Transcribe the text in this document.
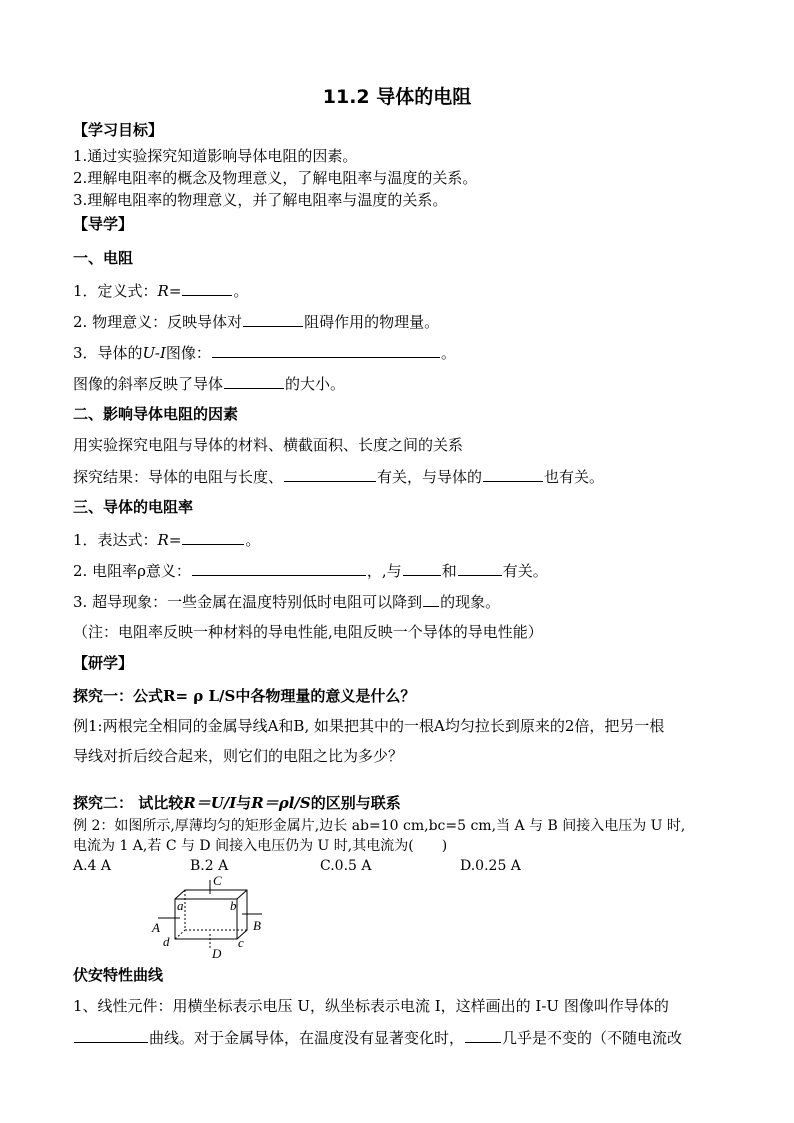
11.2 导体的电阻
【学习目标】
1.通过实验探究知道影响导体电阻的因素。
2.理解电阻率的概念及物理意义，了解电阻率与温度的关系。
3.理解电阻率的物理意义，并了解电阻率与温度的关系。
【导学】
一、电阻
1．定义式：R=	。
2. 物理意义：反映导体对	阻碍作用的物理量。
3．导体的U-I图像：	。
图像的斜率反映了导体	的大小。
二、影响导体电阻的因素
用实验探究电阻与导体的材料、横截面积、长度之间的关系
探究结果：导体的电阻与长度、	有关，与导体的	也有关。
三、导体的电阻率
1．表达式：R=	。
2. 电阻率ρ意义：	，,与	和	有关。
3. 超导现象：一些金属在温度特别低时电阻可以降到 的现象。
（注：电阻率反映一种材料的导电性能,电阻反映一个导体的导电性能）
【研学】
探究一：公式R= ρ L/S中各物理量的意义是什么？
例1:两根完全相同的金属导线A和B, 如果把其中的一根A均匀拉长到原来的2倍，把另一根
导线对折后绞合起来，则它们的电阻之比为多少？
探究二： 试比较R＝U/I与R＝ρl/S的区别与联系
例 2：如图所示,厚薄均匀的矩形金属片,边长 ab=10 cm,bc=5 cm,当 A 与 B 间接入电压为 U 时,
电流为 1 A,若 C 与 D 间接入电压仍为 U 时,其电流为(　　)
A.4 A	B.2 A	C.0.5 A	D.0.25 A
a	b
c
d
A	B
C
D
伏安特性曲线
1、线性元件：用横坐标表示电压 U，纵坐标表示电流 I，这样画出的 I-U 图像叫作导体的
曲线。对于金属导体，在温度没有显著变化时，	几乎是不变的（不随电流改
